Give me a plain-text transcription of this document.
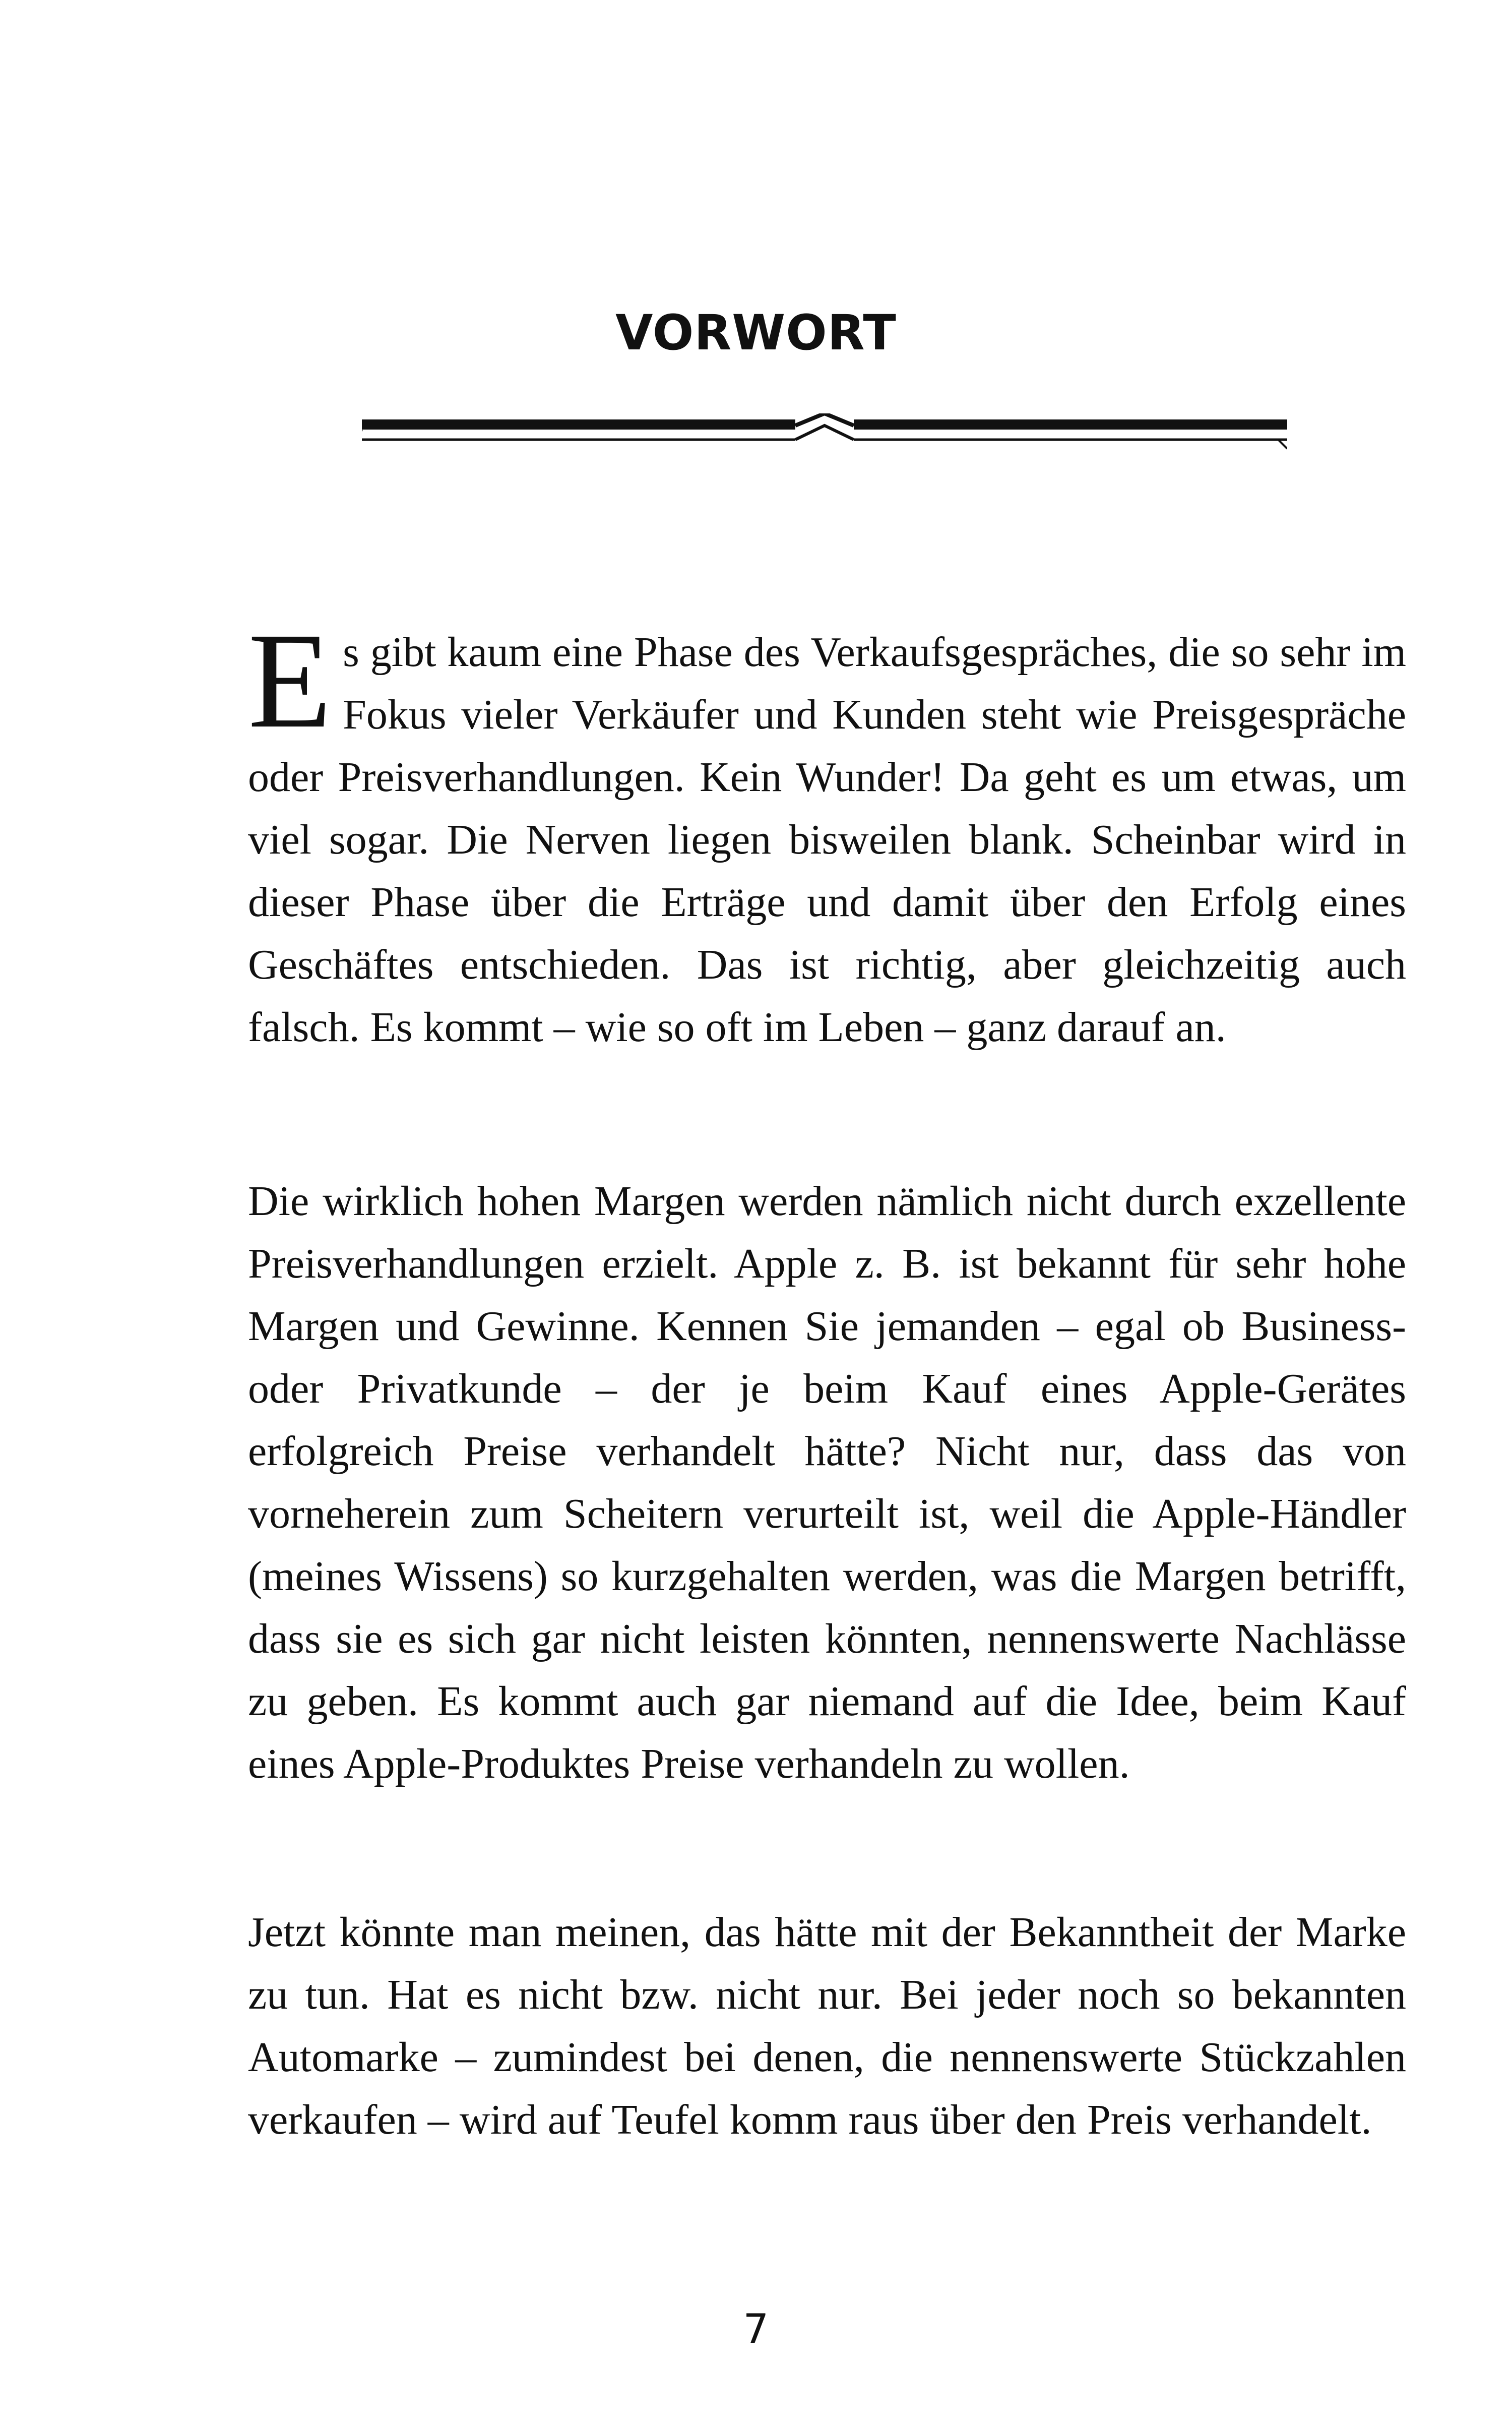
VORWORT

Es gibt kaum eine Phase des Verkaufsgespräches, die so sehr im Fokus vieler Verkäufer und Kunden steht wie Preisgespräche oder Preisverhandlungen. Kein Wunder! Da geht es um etwas, um viel sogar. Die Nerven liegen bisweilen blank. Scheinbar wird in dieser Phase über die Erträge und damit über den Erfolg eines Geschäftes entschieden. Das ist richtig, aber gleichzeitig auch falsch. Es kommt – wie so oft im Leben – ganz darauf an.

Die wirklich hohen Margen werden nämlich nicht durch exzellente Preisverhandlungen erzielt. Apple z. B. ist bekannt für sehr hohe Margen und Gewinne. Kennen Sie jemanden – egal ob Business- oder Privatkunde – der je beim Kauf eines Apple-Gerätes erfolgreich Preise verhandelt hätte? Nicht nur, dass das von vorneherein zum Scheitern verurteilt ist, weil die Apple-Händler (meines Wissens) so kurzgehalten werden, was die Margen betrifft, dass sie es sich gar nicht leisten könnten, nennenswerte Nachlässe zu geben. Es kommt auch gar niemand auf die Idee, beim Kauf eines Apple-Produktes Preise verhandeln zu wollen.

Jetzt könnte man meinen, das hätte mit der Bekanntheit der Marke zu tun. Hat es nicht bzw. nicht nur. Bei jeder noch so bekannten Automarke – zumindest bei denen, die nennenswerte Stückzahlen verkaufen – wird auf Teufel komm raus über den Preis verhandelt.

7
